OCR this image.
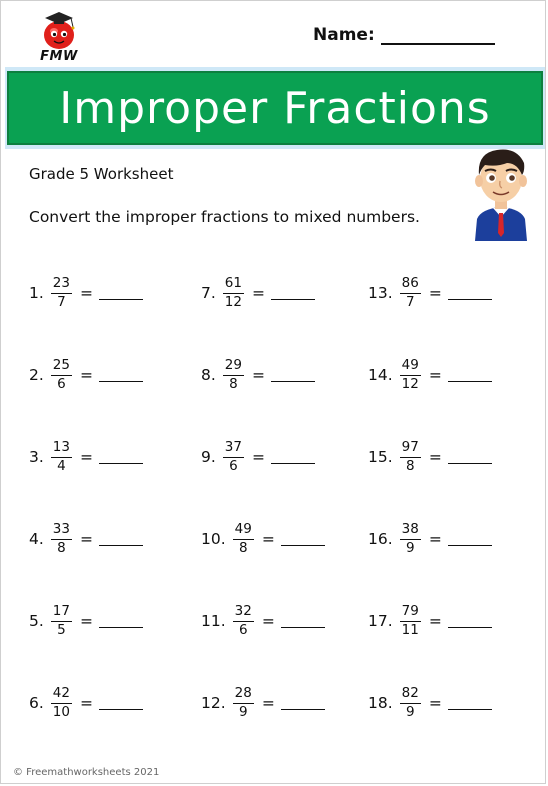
FMW
Name:
Improper Fractions
Grade 5 Worksheet
Convert the improper fractions to mixed numbers.
1. $\frac{23}{7}$ =
2. $\frac{25}{6}$ =
3. $\frac{13}{4}$ =
4. $\frac{33}{8}$ =
5. $\frac{17}{5}$ =
6. $\frac{42}{10}$ =
7. $\frac{61}{12}$ =
8. $\frac{29}{8}$ =
9. $\frac{37}{6}$ =
10. $\frac{49}{8}$ =
11. $\frac{32}{6}$ =
12. $\frac{28}{9}$ =
13. $\frac{86}{7}$ =
14. $\frac{49}{12}$ =
15. $\frac{97}{8}$ =
16. $\frac{38}{9}$ =
17. $\frac{79}{11}$ =
18. $\frac{82}{9}$ =
© Freemathworksheets 2021
